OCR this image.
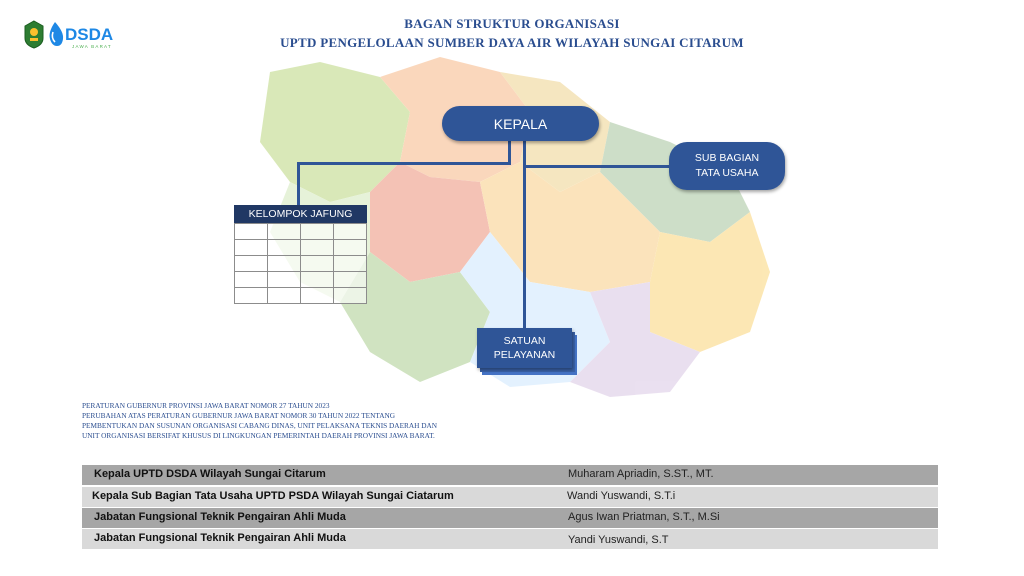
DSDA
JAWA BARAT
BAGAN STRUKTUR ORGANISASI
UPTD PENGELOLAAN SUMBER DAYA AIR WILAYAH SUNGAI CITARUM
KEPALA
SUB BAGIAN
TATA USAHA
KELOMPOK JAFUNG

SATUAN
PELAYANAN
PERATURAN GUBERNUR PROVINSI JAWA BARAT NOMOR 27 TAHUN 2023
PERUBAHAN ATAS PERATURAN GUBERNUR JAWA BARAT NOMOR 30 TAHUN 2022 TENTANG
PEMBENTUKAN DAN SUSUNAN ORGANISASI CABANG DINAS, UNIT PELAKSANA TEKNIS DAERAH DAN
UNIT ORGANISASI BERSIFAT KHUSUS DI LINGKUNGAN PEMERINTAH DAERAH PROVINSI JAWA BARAT.
Kepala UPTD DSDA Wilayah Sungai Citarum	Muharam Apriadin, S.ST., MT.
Kepala Sub Bagian Tata Usaha UPTD PSDA Wilayah Sungai Ciatarum	Wandi Yuswandi, S.T.i
Jabatan Fungsional Teknik Pengairan Ahli Muda	Agus Iwan Priatman, S.T., M.Si
Jabatan Fungsional Teknik Pengairan Ahli Muda	Yandi Yuswandi, S.T
